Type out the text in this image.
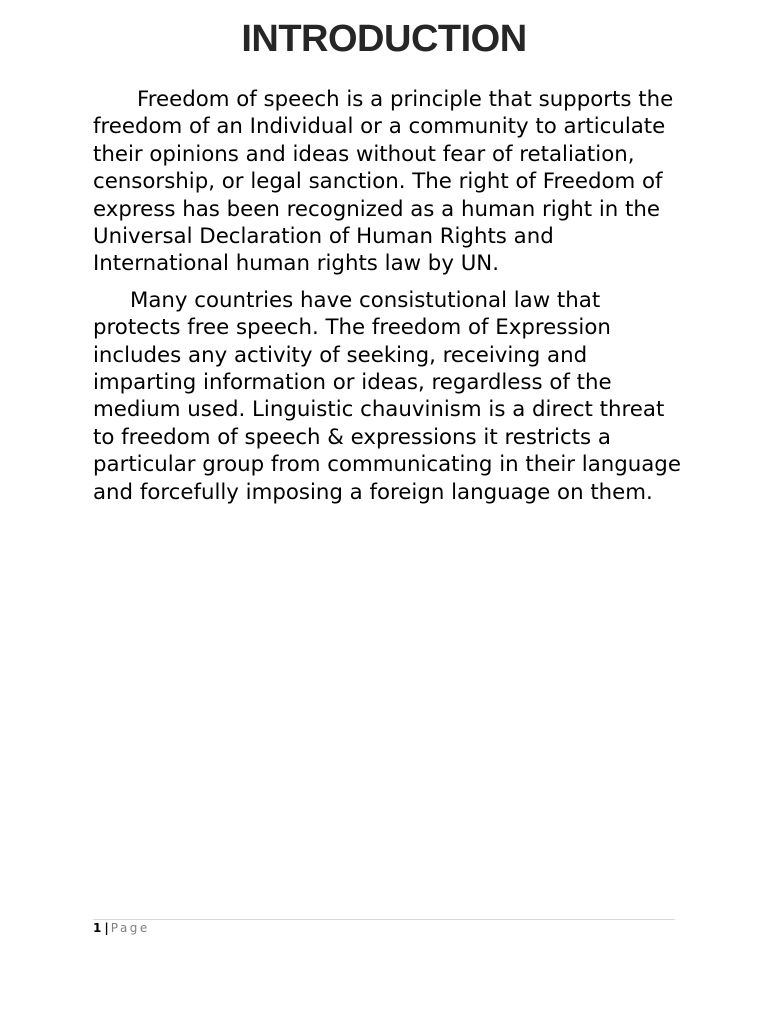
INTRODUCTION

Freedom of speech is a principle that supports the freedom of an Individual or a community to articulate their opinions and ideas without fear of retaliation, censorship, or legal sanction. The right of Freedom of express has been recognized as a human right in the Universal Declaration of Human Rights and International human rights law by UN.

Many countries have consistutional law that protects free speech. The freedom of Expression includes any activity of seeking, receiving and imparting information or ideas, regardless of the medium used. Linguistic chauvinism is a direct threat to freedom of speech & expressions it restricts a particular group from communicating in their language and forcefully imposing a foreign language on them.

1 | Page
